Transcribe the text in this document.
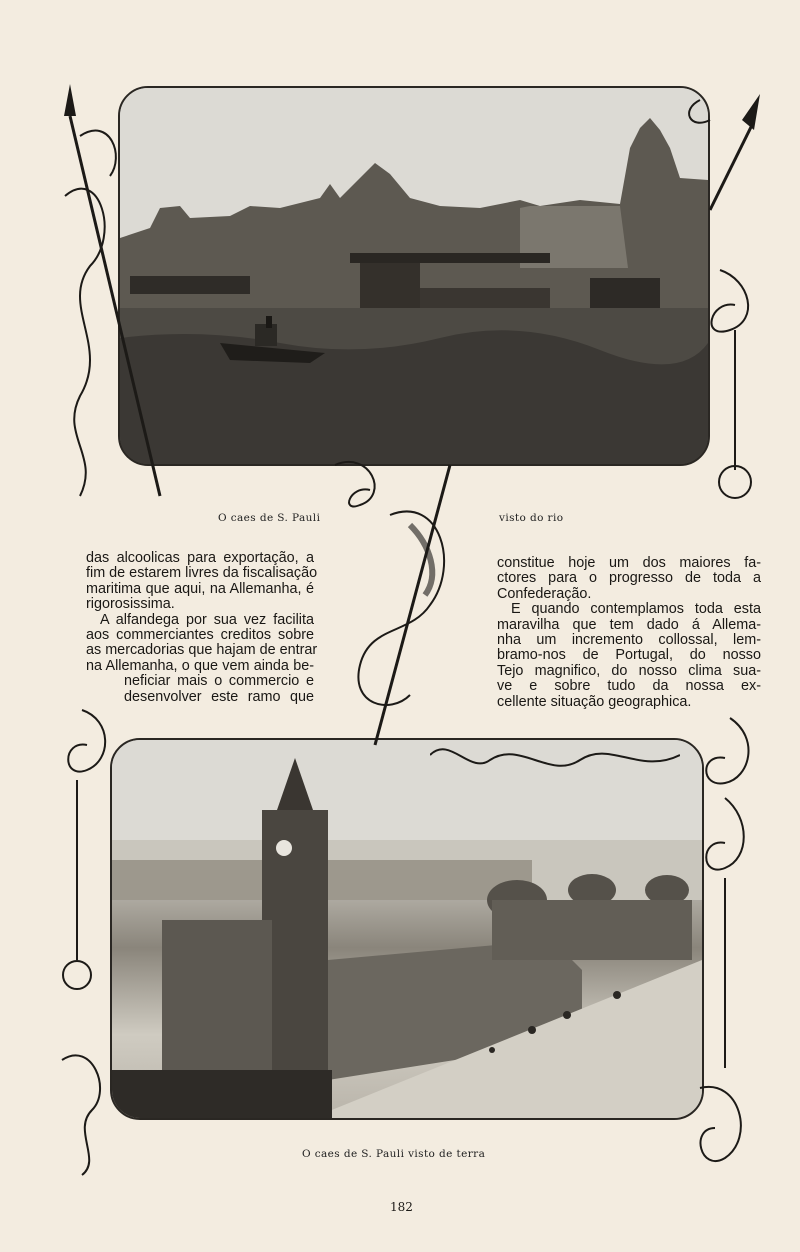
O caes de S. Pauli	visto do rio
das alcoolicas para exportação, a
fim de estarem livres da fiscalisação
maritima que aqui, na Allemanha, é
rigorosissima.
A alfandega por sua vez facilita
aos commerciantes creditos sobre
as mercadorias que hajam de entrar
na Allemanha, o que vem ainda be-
neficiar mais o commercio e
desenvolver este ramo que
constitue hoje um dos maiores fa-
ctores para o progresso de toda a
Confederação.
E quando contemplamos toda esta
maravilha que tem dado á Allema-
nha um incremento collossal, lem-
bramo-nos de Portugal, do nosso
Tejo magnifico, do nosso clima sua-
ve e sobre tudo da nossa ex-
cellente situação geographica.
O caes de S. Pauli visto de terra
182
